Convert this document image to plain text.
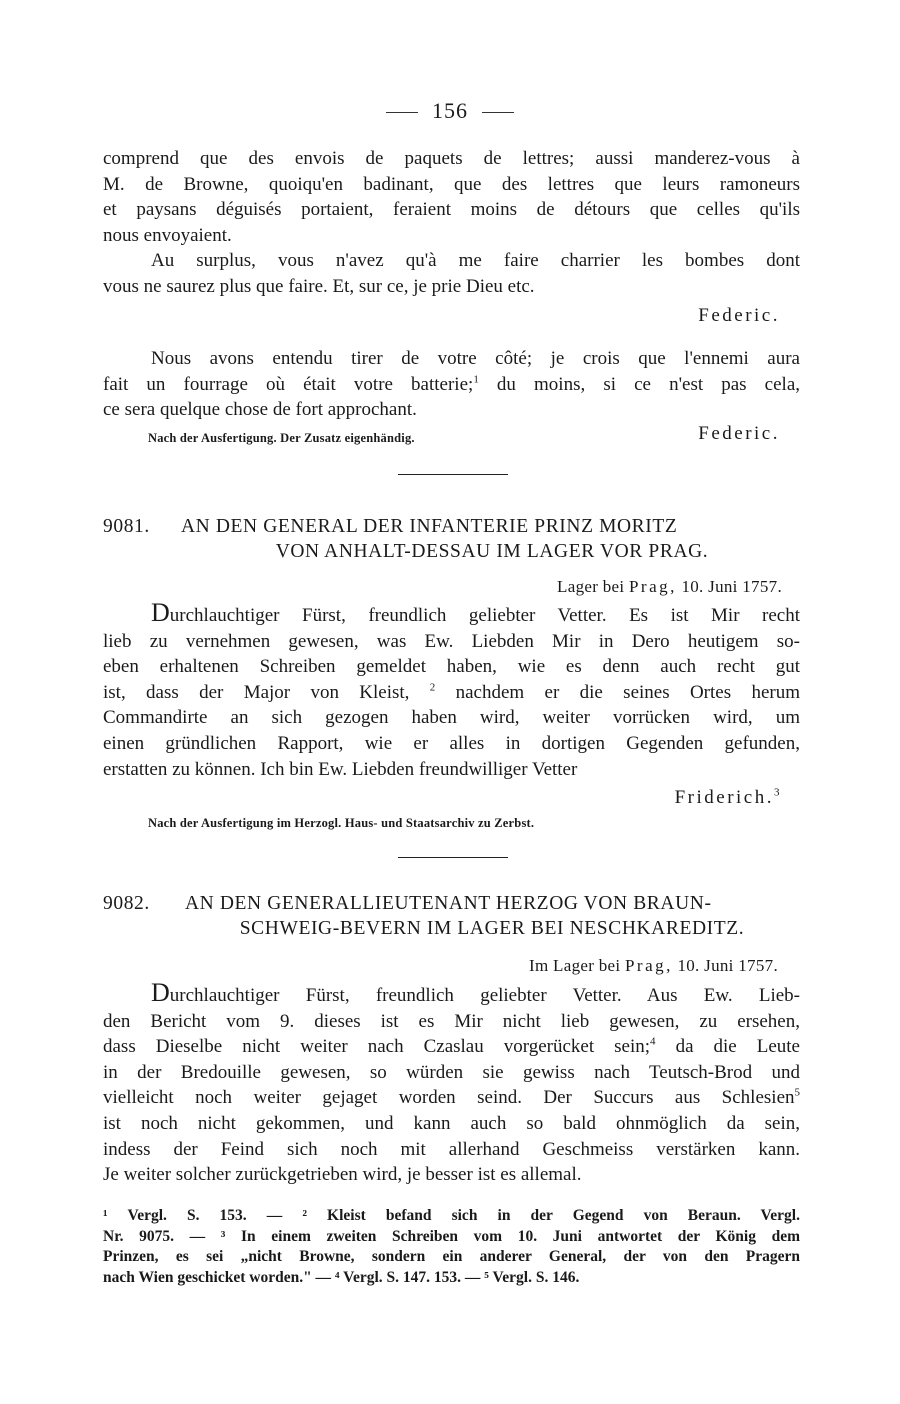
156
comprend que des envois de paquets de lettres; aussi manderez-vous à
M. de Browne, quoiqu'en badinant, que des lettres que leurs ramoneurs
et paysans déguisés portaient, feraient moins de détours que celles qu'ils
nous envoyaient.
Au surplus, vous n'avez qu'à me faire charrier les bombes dont
vous ne saurez plus que faire. Et, sur ce, je prie Dieu etc.
Federic.
Nous avons entendu tirer de votre côté; je crois que l'ennemi aura
fait un fourrage où était votre batterie;$^1$ du moins, si ce n'est pas cela,
ce sera quelque chose de fort approchant.
Nach der Ausfertigung. Der Zusatz eigenhändig.	Federic.
9081. AN DEN GENERAL DER INFANTERIE PRINZ MORITZ
VON ANHALT-DESSAU IM LAGER VOR PRAG.
Lager bei Prag, 10. Juni 1757.
Durchlauchtiger Fürst, freundlich geliebter Vetter. Es ist Mir recht
lieb zu vernehmen gewesen, was Ew. Liebden Mir in Dero heutigem so-
eben erhaltenen Schreiben gemeldet haben, wie es denn auch recht gut
ist, dass der Major von Kleist, $^2$ nachdem er die seines Ortes herum
Commandirte an sich gezogen haben wird, weiter vorrücken wird, um
einen gründlichen Rapport, wie er alles in dortigen Gegenden gefunden,
erstatten zu können. Ich bin Ew. Liebden freundwilliger Vetter
Friderich.$^3$
Nach der Ausfertigung im Herzogl. Haus- und Staatsarchiv zu Zerbst.
9082. AN DEN GENERALLIEUTENANT HERZOG VON BRAUN-
SCHWEIG-BEVERN IM LAGER BEI NESCHKAREDITZ.
Im Lager bei Prag, 10. Juni 1757.
Durchlauchtiger Fürst, freundlich geliebter Vetter. Aus Ew. Lieb-
den Bericht vom 9. dieses ist es Mir nicht lieb gewesen, zu ersehen,
dass Dieselbe nicht weiter nach Czaslau vorgerücket sein;$^4$ da die Leute
in der Bredouille gewesen, so würden sie gewiss nach Teutsch-Brod und
vielleicht noch weiter gejaget worden seind. Der Succurs aus Schlesien$^5$
ist noch nicht gekommen, und kann auch so bald ohnmöglich da sein,
indess der Feind sich noch mit allerhand Geschmeiss verstärken kann.
Je weiter solcher zurückgetrieben wird, je besser ist es allemal.
¹ Vergl. S. 153. — ² Kleist befand sich in der Gegend von Beraun. Vergl.
Nr. 9075. — ³ In einem zweiten Schreiben vom 10. Juni antwortet der König dem
Prinzen, es sei „nicht Browne, sondern ein anderer General, der von den Pragern
nach Wien geschicket worden." — ⁴ Vergl. S. 147. 153. — ⁵ Vergl. S. 146.
